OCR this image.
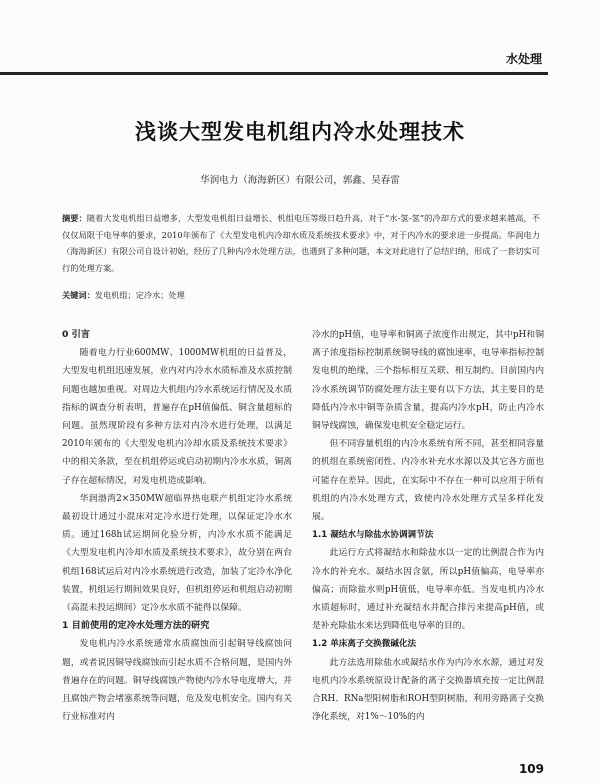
水处理
浅谈大型发电机组内冷水处理技术
华润电力（海海新区）有限公司，郭鑫、吴春雷
摘要：随着大发电机组日益增多，大型发电机组日益增长、机组电压等级日趋升高，对于“水-氢-氢”的冷却方式的要求越来越高，不仅仅局限于电导率的要求，2010年颁布了《大型发电机内冷却水质及系统技术要求》中，对于内冷水的要求进一步提高。华润电力（海海新区）有限公司自设计初始，经历了几种内冷水处理方法，也遇到了多种问题，本文对此进行了总结归纳，形成了一套切实可行的处理方案。
关键词：发电机组；定冷水；处理
0 引言

随着电力行业600MW、1000MW机组的日益普及，大型发电机组迅速发展，业内对内冷水水质标准及水质控制问题也越加重视。对周边大机组内冷水系统运行情况及水质指标的调查分析表明，普遍存在pH值偏低、铜含量超标的问题。虽然现阶段有多种方法对内冷水进行处理，以满足2010年颁布的《大型发电机内冷却水质及系统技术要求》中的相关条款，至在机组停运或启动初期内冷水水质，铜离子存在超标情况，对发电机造成影响。

华润渤湾2×350MW超临界热电联产机组定冷水系统最初设计通过小混床对定冷水进行处理，以保证定冷水水质。通过168h试运期间化验分析，内冷水水质不能满足《大型发电机内冷却水质及系统技术要求》，故分别在两台机组168试运后对内冷水系统进行改造，加装了定冷水净化装置，机组运行期间效果良好，但机组停运和机组启动初期（高混未投运期间）定冷水水质不能得以保障。

1 目前使用的定冷水处理方法的研究

发电机内冷水系统通常水质腐蚀而引起铜导线腐蚀问题，或者说因铜导线腐蚀而引起水质不合格问题，是国内外普遍存在的问题。铜导线腐蚀产物使内冷水导电度增大，并且腐蚀产物会堵塞系统等问题，危及发电机安全。国内有关行业标准对内

冷水的pH值，电导率和铜离子浓度作出规定，其中pH和铜离子浓度指标控制系统铜导线的腐蚀速率，电导率指标控制发电机的绝缘，三个指标相互关联、相互制约。目前国内内冷水系统调节防腐处理方法主要有以下方法，其主要目的是降低内冷水中铜等杂质含量，提高内冷水pH，防止内冷水铜导线腐蚀，确保发电机安全稳定运行。

但不同容量机组的内冷水系统有所不同，甚至相同容量的机组在系统密闭性、内冷水补充水水源以及其它各方面也可能存在差异。因此，在实际中不存在一种可以应用于所有机组的内冷水处理方式，致使内冷水处理方式呈多样化发展。

1.1 凝结水与除盐水协调调节法

此运行方式将凝结水和除盐水以一定的比例混合作为内冷水的补充水。凝结水因含氨，所以pH值偏高，电导率亦偏高；而除盐水则pH值低，电导率亦低。当发电机内冷水水质超标时，通过补充凝结水并配合排污来提高pH值，或是补充除盐水来达到降低电导率的目的。

1.2 单床离子交换微碱化法

此方法选用除盐水或凝结水作为内冷水水源，通过对发电机内冷水系统原设计配备的离子交换器填充按一定比例混合RH、RNa型阳树脂和ROH型阴树脂，利用旁路离子交换净化系统，对1%～10%的内

109
